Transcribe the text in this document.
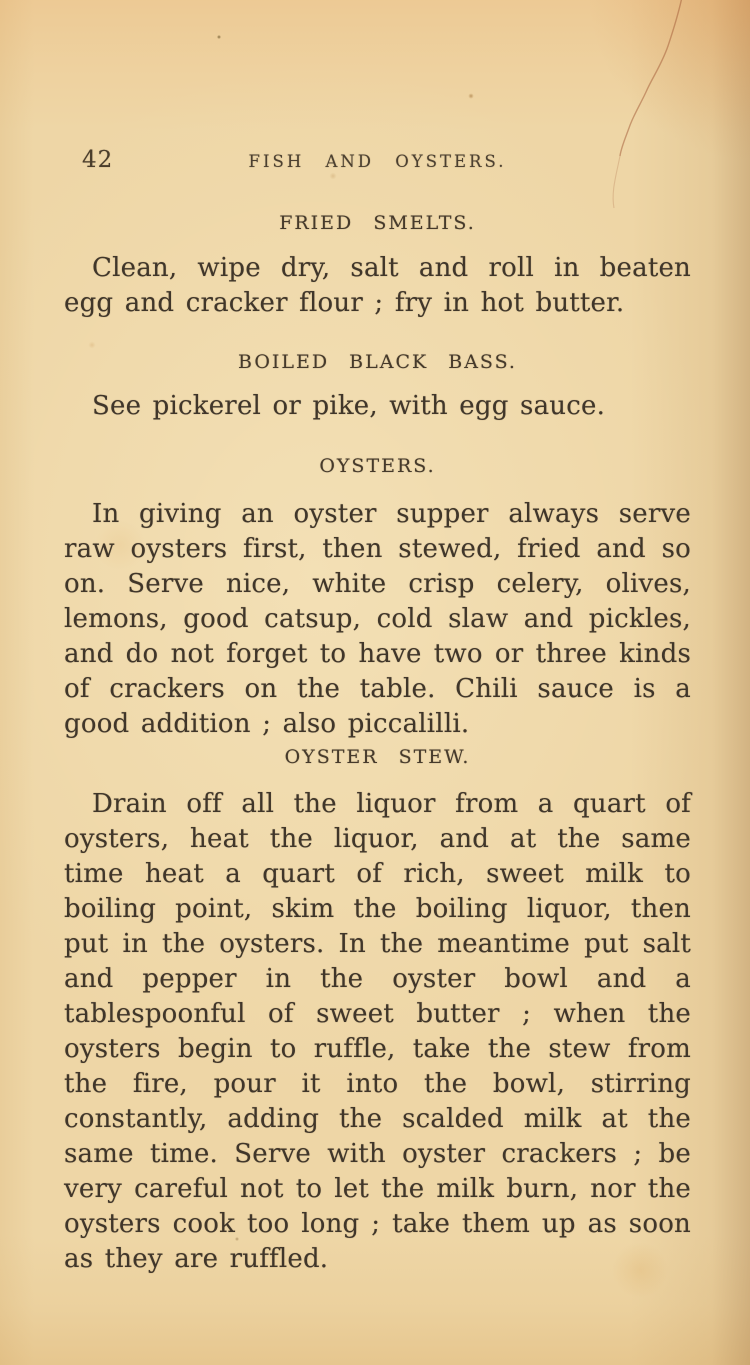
42	FISH AND OYSTERS.
FRIED SMELTS.

Clean, wipe dry, salt and roll in beaten egg and cracker flour ; fry in hot butter.

BOILED BLACK BASS.

See pickerel or pike, with egg sauce.

OYSTERS.

In giving an oyster supper always serve raw oysters first, then stewed, fried and so on. Serve nice, white crisp celery, olives, lemons, good catsup, cold slaw and pickles, and do not forget to have two or three kinds of crackers on the table. Chili sauce is a good addition ; also piccalilli.

OYSTER STEW.

Drain off all the liquor from a quart of oysters, heat the liquor, and at the same time heat a quart of rich, sweet milk to boiling point, skim the boiling liquor, then put in the oysters. In the meantime put salt and pepper in the oyster bowl and a tablespoonful of sweet butter ; when the oysters begin to ruffle, take the stew from the fire, pour it into the bowl, stirring constantly, adding the scalded milk at the same time. Serve with oyster crackers ; be very careful not to let the milk burn, nor the oysters cook too long ; take them up as soon as they are ruffled.
